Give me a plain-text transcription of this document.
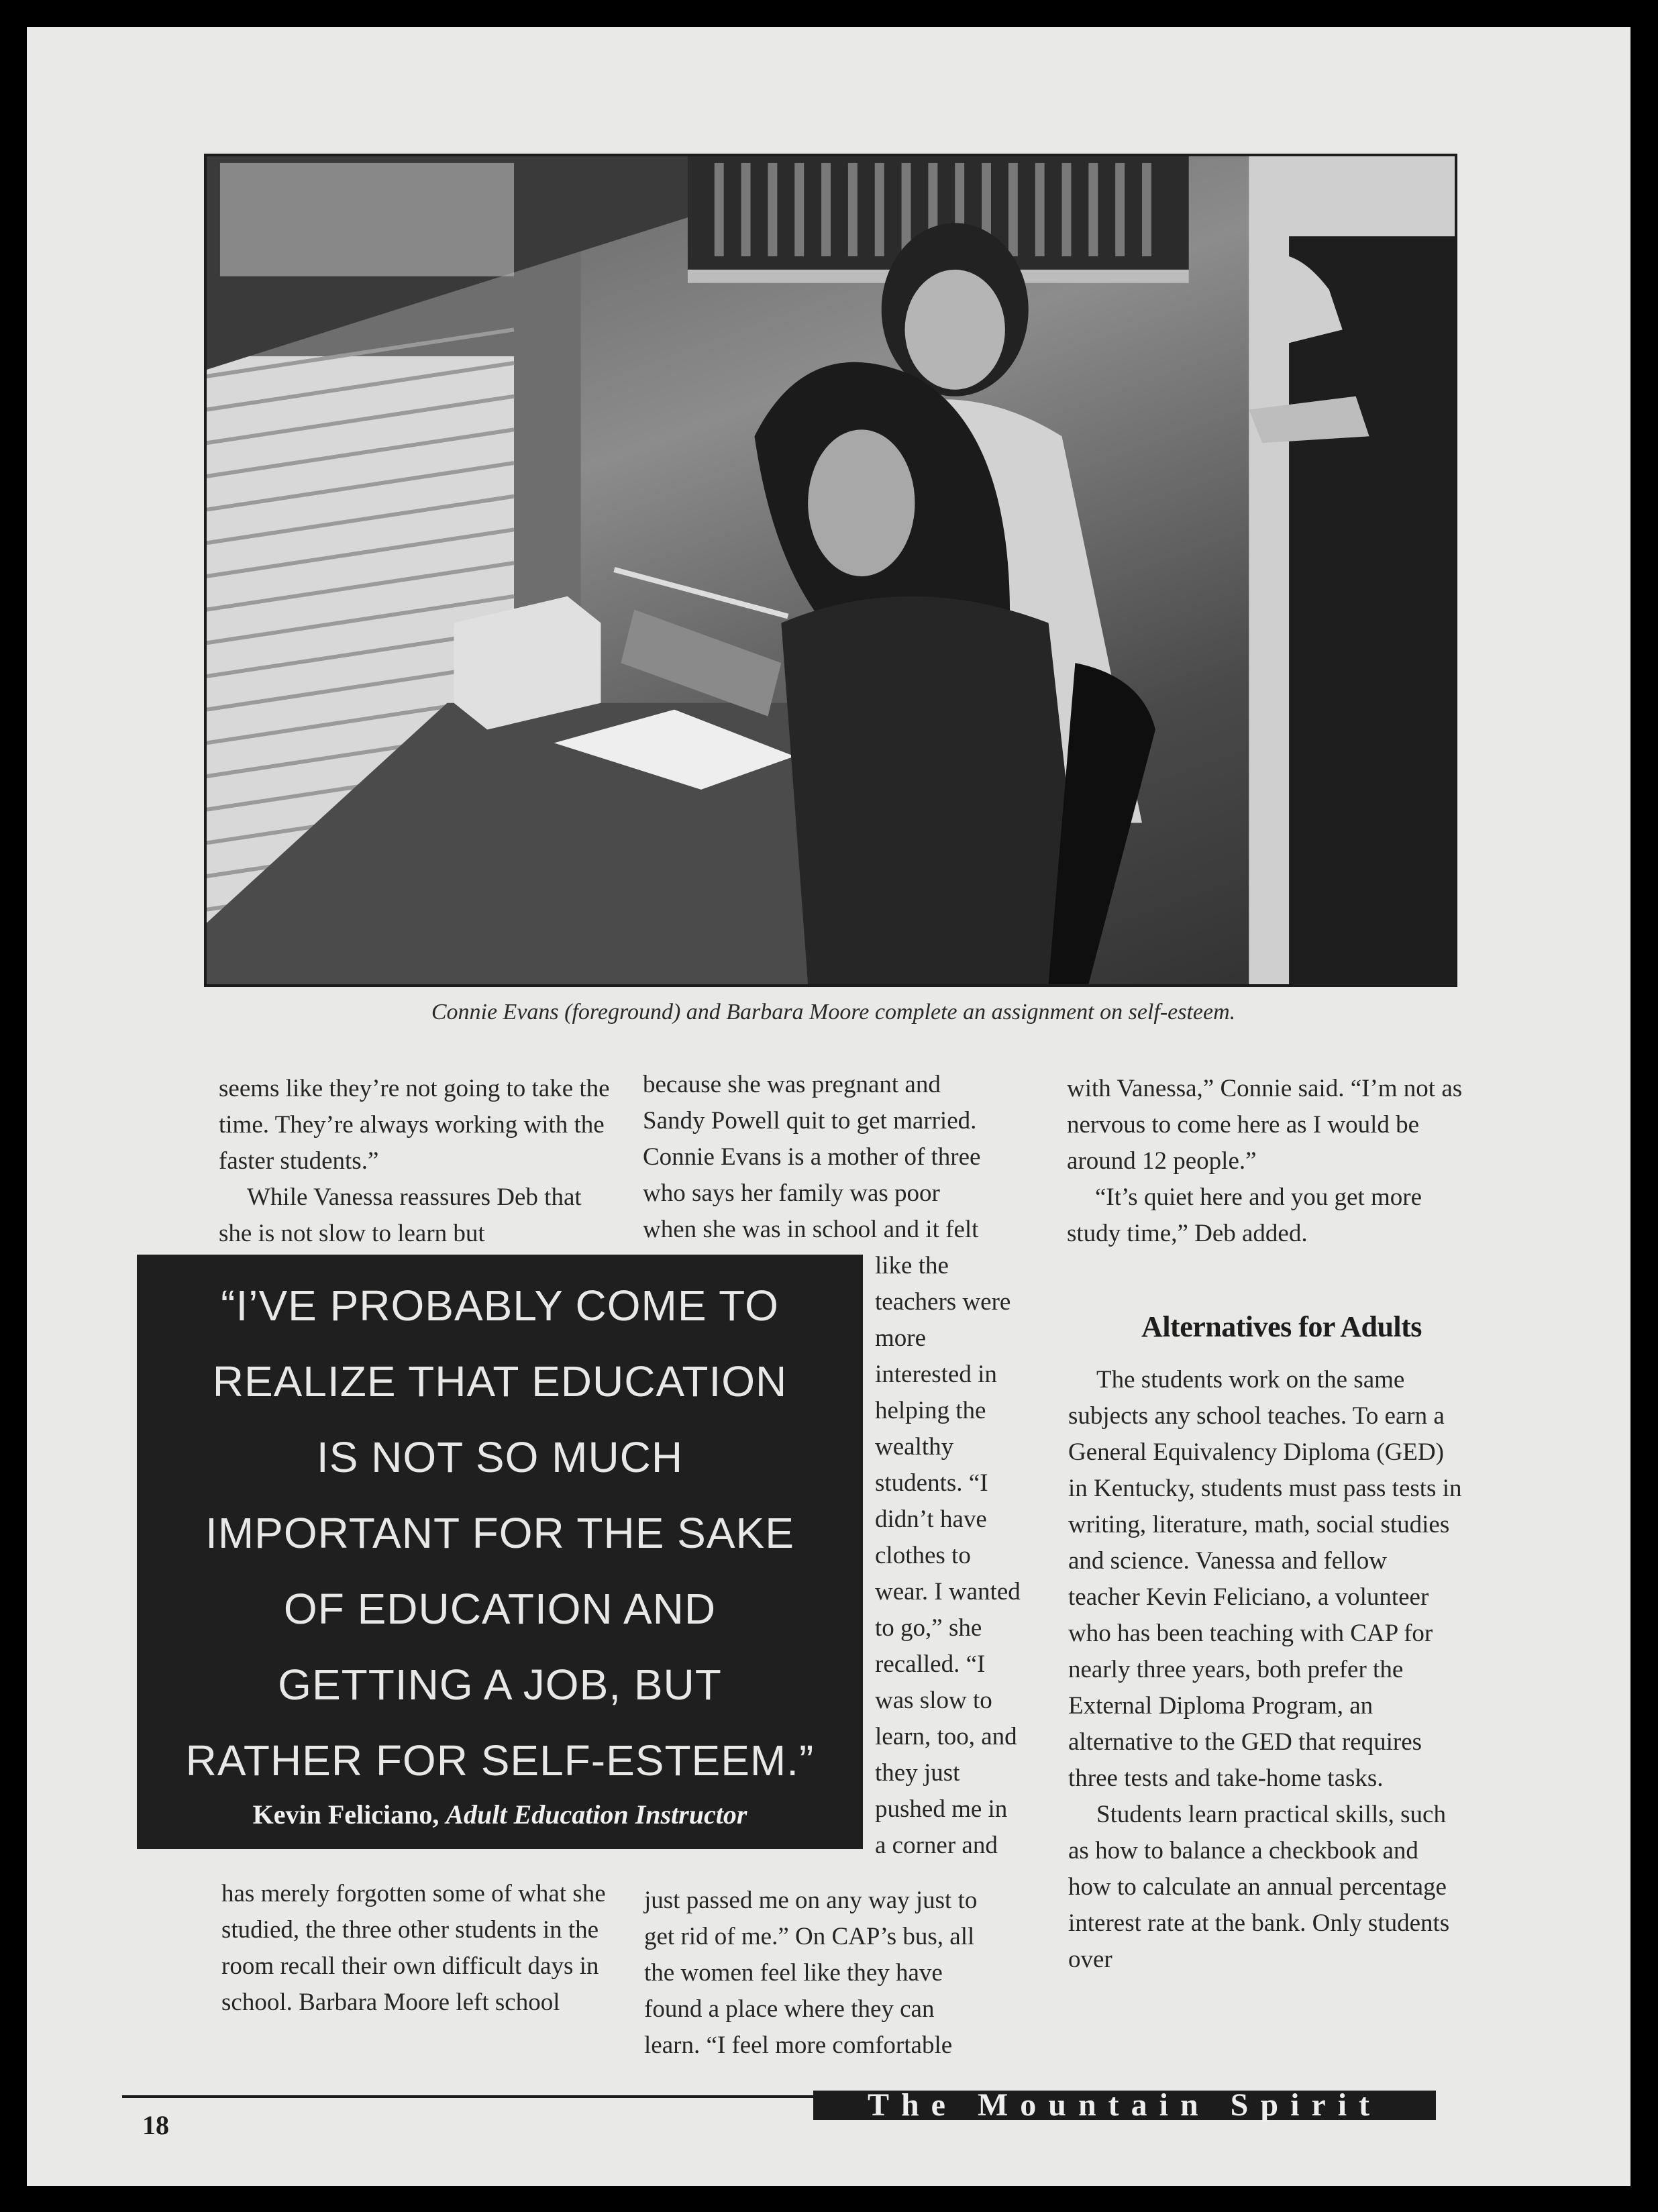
Connie Evans (foreground) and Barbara Moore complete an assignment on self-esteem.

seems like they’re not going to take the time. They’re always working with the faster students.”

While Vanessa reassures Deb that she is not slow to learn but

has merely forgotten some of what she studied, the three other students in the room recall their own difficult days in school. Barbara Moore left school

because she was pregnant and
Sandy Powell quit to get married.
Connie Evans is a mother of three
who says her family was poor
when she was in school and it felt
like the
teachers were
more
interested in
helping the
wealthy
students. “I
didn’t have
clothes to
wear. I wanted
to go,” she
recalled. “I
was slow to
learn, too, and
they just
pushed me in
a corner and
just passed me on any way just to
get rid of me.” On CAP’s bus, all
the women feel like they have
found a place where they can
learn. “I feel more comfortable

with Vanessa,” Connie said. “I’m not as nervous to come here as I would be around 12 people.”

“It’s quiet here and you get more study time,” Deb added.

Alternatives for Adults

The students work on the same subjects any school teaches. To earn a General Equivalency Diploma (GED) in Kentucky, students must pass tests in writing, literature, math, social studies and science. Vanessa and fellow teacher Kevin Feliciano, a volunteer who has been teaching with CAP for nearly three years, both prefer the External Diploma Program, an alternative to the GED that requires three tests and take-home tasks.

Students learn practical skills, such as how to balance a checkbook and how to calculate an annual percentage interest rate at the bank. Only students over

“I’VE PROBABLY COME TO
REALIZE THAT EDUCATION
IS NOT SO MUCH
IMPORTANT FOR THE SAKE
OF EDUCATION AND
GETTING A JOB, BUT
RATHER FOR SELF-ESTEEM.”
Kevin Feliciano, Adult Education Instructor
The Mountain Spirit
18
